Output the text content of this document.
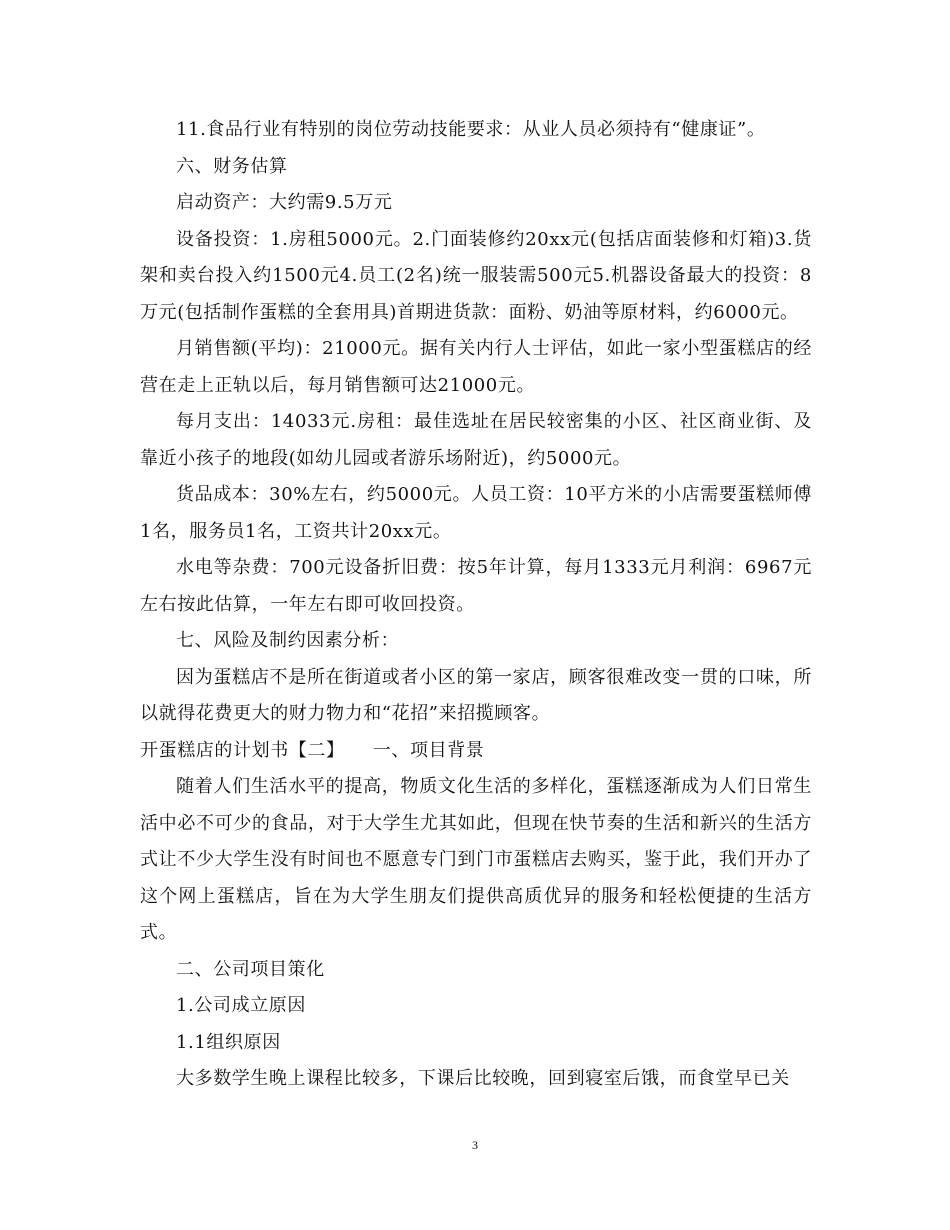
11.食品行业有特别的岗位劳动技能要求：从业人员必须持有“健康证”。

六、财务估算

启动资产：大约需9.5万元

设备投资：1.房租5000元。2.门面装修约20xx元(包括店面装修和灯箱)3.货架和卖台投入约1500元4.员工(2名)统一服装需500元5.机器设备最大的投资：8万元(包括制作蛋糕的全套用具)首期进货款：面粉、奶油等原材料，约6000元。

月销售额(平均)：21000元。据有关内行人士评估，如此一家小型蛋糕店的经营在走上正轨以后，每月销售额可达21000元。

每月支出：14033元.房租：最佳选址在居民较密集的小区、社区商业街、及靠近小孩子的地段(如幼儿园或者游乐场附近)，约5000元。

货品成本：30%左右，约5000元。人员工资：10平方米的小店需要蛋糕师傅1名，服务员1名，工资共计20xx元。

水电等杂费：700元设备折旧费：按5年计算，每月1333元月利润：6967元左右按此估算，一年左右即可收回投资。

七、风险及制约因素分析：

因为蛋糕店不是所在街道或者小区的第一家店，顾客很难改变一贯的口味，所以就得花费更大的财力物力和“花招”来招揽顾客。

开蛋糕店的计划书【二】　　一、项目背景

随着人们生活水平的提高，物质文化生活的多样化，蛋糕逐渐成为人们日常生活中必不可少的食品，对于大学生尤其如此，但现在快节奏的生活和新兴的生活方式让不少大学生没有时间也不愿意专门到门市蛋糕店去购买，鉴于此，我们开办了这个网上蛋糕店，旨在为大学生朋友们提供高质优异的服务和轻松便捷的生活方式。

二、公司项目策化

1.公司成立原因

1.1组织原因

大多数学生晚上课程比较多，下课后比较晚，回到寝室后饿，而食堂早已关

3
